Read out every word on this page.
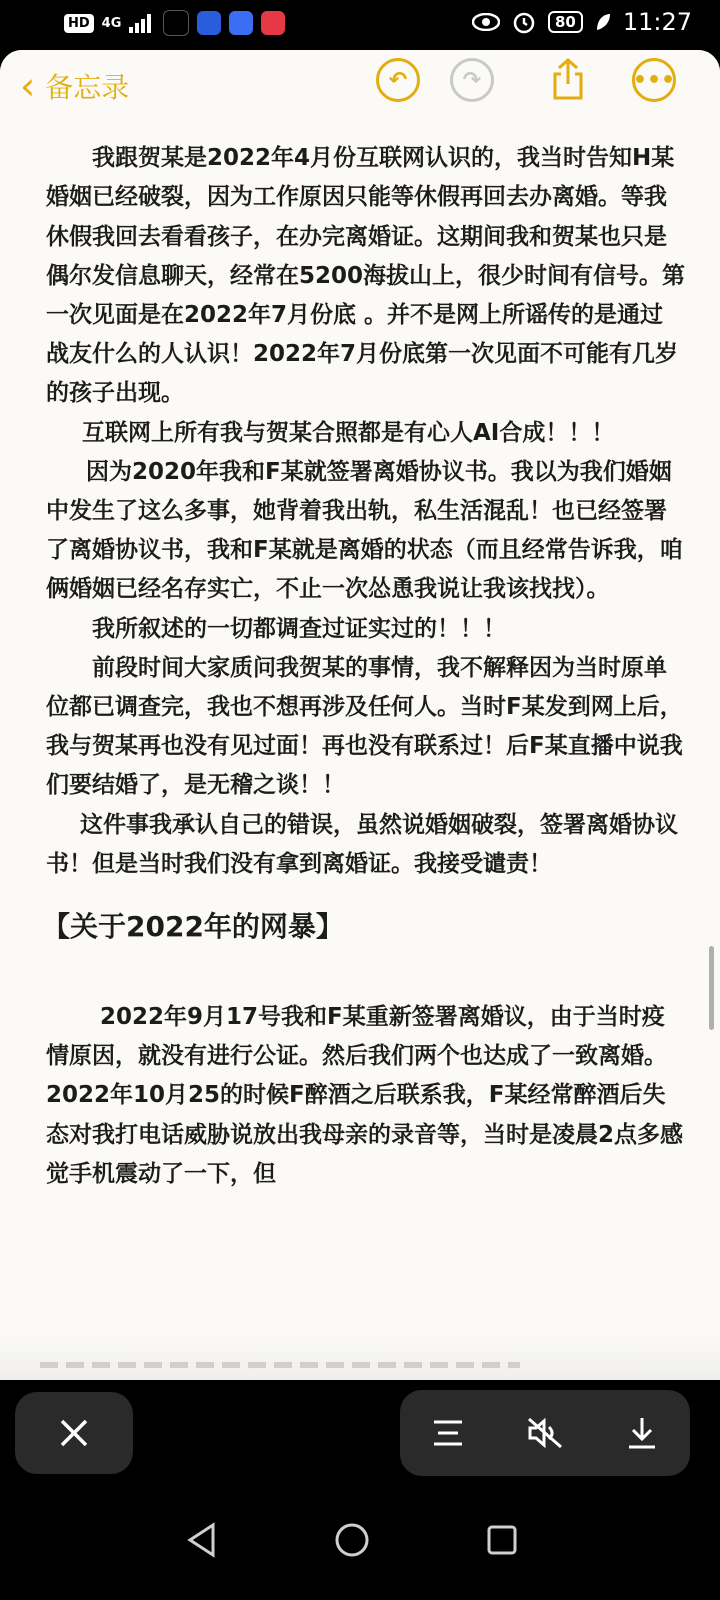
HD 4G	80 11:27
‹ 备忘录	↶	↷	•••

我跟贺某是2022年4月份互联网认识的，我当时告知H某婚姻已经破裂，因为工作原因只能等休假再回去办离婚。等我休假我回去看看孩子，在办完离婚证。这期间我和贺某也只是偶尔发信息聊天，经常在5200海拔山上，很少时间有信号。第一次见面是在2022年7月份底 。并不是网上所谣传的是通过战友什么的人认识！2022年7月份底第一次见面不可能有几岁的孩子出现。

互联网上所有我与贺某合照都是有心人AI合成！！！

因为2020年我和F某就签署离婚协议书。我以为我们婚姻中发生了这么多事，她背着我出轨，私生活混乱！也已经签署了离婚协议书，我和F某就是离婚的状态（而且经常告诉我，咱俩婚姻已经名存实亡，不止一次怂恿我说让我该找找）。

我所叙述的一切都调查过证实过的！！！

前段时间大家质问我贺某的事情，我不解释因为当时原单位都已调查完，我也不想再涉及任何人。当时F某发到网上后，我与贺某再也没有见过面！再也没有联系过！后F某直播中说我们要结婚了，是无稽之谈！！

这件事我承认自己的错误，虽然说婚姻破裂，签署离婚协议书！但是当时我们没有拿到离婚证。我接受谴责！

【关于2022年的网暴】

2022年9月17号我和F某重新签署离婚议，由于当时疫情原因，就没有进行公证。然后我们两个也达成了一致离婚。2022年10月25的时候F醉酒之后联系我，F某经常醉酒后失态对我打电话威胁说放出我母亲的录音等，当时是凌晨2点多感觉手机震动了一下，但
